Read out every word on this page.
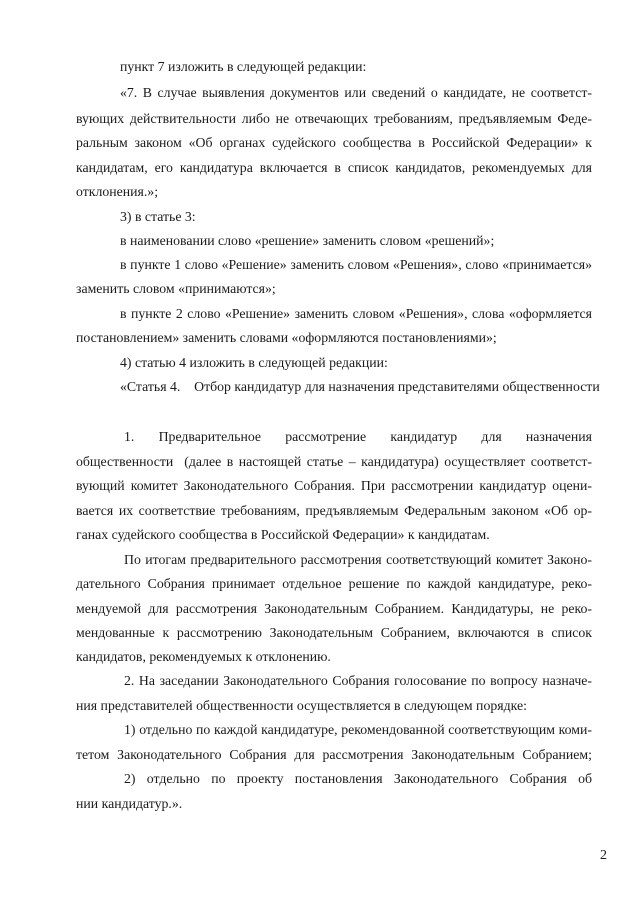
пункт 7 изложить в следующей редакции:
«7. В случае выявления документов или сведений о кандидате, не соответст-
вующих действительности либо не отвечающих требованиям, предъявляемым Феде-
ральным законом «Об органах судейского сообщества в Российской Федерации» к
кандидатам, его кандидатура включается в список кандидатов, рекомендуемых для
отклонения.»;
3) в статье 3:
в наименовании слово «решение» заменить словом «решений»;
в пункте 1 слово «Решение» заменить словом «Решения», слово «принимается»
заменить словом «принимаются»;
в пункте 2 слово «Решение» заменить словом «Решения», слова «оформляется
постановлением» заменить словами «оформляются постановлениями»;
4) статью 4 изложить в следующей редакции:
«Статья 4.    Отбор кандидатур для назначения представителями общественности
1. Предварительное рассмотрение кандидатур для назначения
общественности  (далее в настоящей статье – кандидатура) осуществляет соответст-
вующий комитет Законодательного Собрания. При рассмотрении кандидатур оцени-
вается их соответствие требованиям, предъявляемым Федеральным законом «Об ор-
ганах судейского сообщества в Российской Федерации» к кандидатам.
По итогам предварительного рассмотрения соответствующий комитет Законо-
дательного Собрания принимает отдельное решение по каждой кандидатуре, реко-
мендуемой для рассмотрения Законодательным Собранием. Кандидатуры, не реко-
мендованные к рассмотрению Законодательным Собранием, включаются в список
кандидатов, рекомендуемых к отклонению.
2. На заседании Законодательного Собрания голосование по вопросу назначе-
ния представителей общественности осуществляется в следующем порядке:
1) отдельно по каждой кандидатуре, рекомендованной соответствующим коми-
тетом Законодательного Собрания для рассмотрения Законодательным Собранием;
2) отдельно по проекту постановления Законодательного Собрания об
нии кандидатур.».
2
